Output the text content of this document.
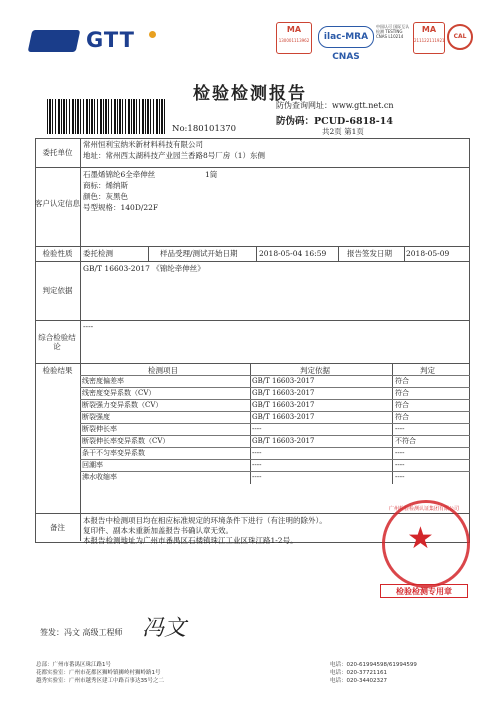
GTT	MA
130001113962	ilac-MRA CNAS
中国认可 国际互认 检测 TESTING CNAS L10214
MA
211122111921
CAL
检验检测报告
No:180101370
防伪查询网址：www.gtt.net.cn
防伪码：PCUD-6818-14
共2页 第1页
委托单位
常州恒利宝纳米新材料科技有限公司
地址：常州西太湖科技产业园兰香路8号厂房（1）东侧
客户认定信息
石墨烯锦纶6全牵伸丝	1筒
商标：烯纳斯
颜色：灰黑色
号型规格：140D/22F
检验性质	委托检测	样品受理/测试开始日期	2018-05-04 16:59	报告签发日期 2018-05-09
判定依据
GB/T 16603-2017 《锦纶牵伸丝》
综合检验结论
----
检验结果	检测项目	判定依据	判定
线密度偏差率	GB/T 16603-2017	符合
线密度变异系数（CV）	GB/T 16603-2017	符合
断裂强力变异系数（CV）	GB/T 16603-2017	符合
断裂强度	GB/T 16603-2017	符合
断裂伸长率	----	----
断裂伸长率变异系数（CV）	GB/T 16603-2017	不符合
条干不匀率变异系数	----	----
回潮率	----	----
沸水收缩率	----	----
备注
本报告中检测项目均在相应标准规定的环境条件下进行（有注明的除外）。
复印件、副本未重新加盖报告书确认章无效。
本报告检测地址为广州市番禺区石楼镇珠江工业区珠江路1-2号。
广州检验检测认证集团有限公司
★
检验检测专用章
签发：冯文 高级工程师 冯文
总部：广州市番禺区珠江路1号
花都实验室：广州市花都区狮岭镇狮岭村狮岭路1号
越秀实验室：广州市越秀区建工中路百事达35号之二
电话：020-61994598/61994599
电话：020-37721161
电话：020-34402327
